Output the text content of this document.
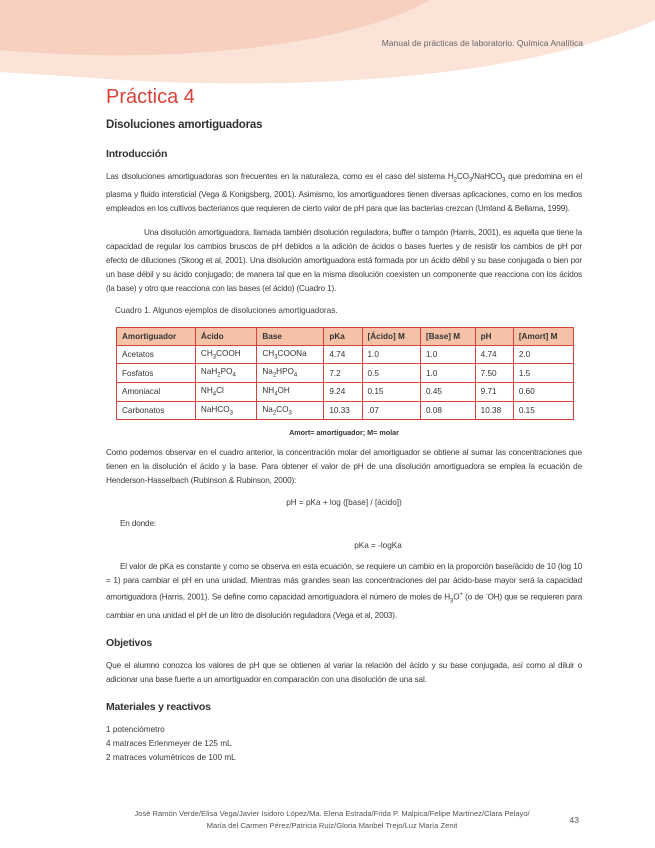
Manual de prácticas de laboratorio. Química Analítica
Práctica 4
Disoluciones amortiguadoras
Introducción

Las disoluciones amortiguadoras son frecuentes en la naturaleza, como es el caso del sistema $H_2CO_3/NaHCO_3$ que predomina en el plasma y fluido intersticial (Vega & Konigsberg, 2001). Asimismo, los amortiguadores tienen diversas aplicaciones, como en los medios empleados en los cultivos bacterianos que requieren de cierto valor de pH para que las bacterias crezcan (Umland & Bellama, 1999).

Una disolución amortiguadora, llamada también disolución reguladora, buffer o tampón (Harris, 2001), es aquella que tiene la capacidad de regular los cambios bruscos de pH debidos a la adición de ácidos o bases fuertes y de resistir los cambios de pH por efecto de diluciones (Skoog et al, 2001). Una disolución amortiguadora está formada por un ácido débil y su base conjugada o bien por un base débil y su ácido conjugado; de manera tal que en la misma disolución coexisten un componente que reacciona con los ácidos (la base) y otro que reacciona con las bases (el ácido) (Cuadro 1).

Cuadro 1. Algunos ejemplos de disoluciones amortiguadoras.
Amortiguador	Ácido	Base	pKa	[Ácido] M	[Base] M	pH	[Amort] M
Acetatos	$CH_3COOH$	$CH_3COONa$	4.74	1.0	1.0	4.74	2.0
Fosfatos	$NaH_2PO_4$	$Na_2HPO_4$	7.2	0.5	1.0	7.50	1.5
Amoniacal	$NH_4Cl$	$NH_4OH$	9.24	0.15	0.45	9.71	0.60
Carbonatos	NaHCO$_3$	$Na_2CO_3$	10.33	.07	0.08	10.38	0.15
Amort= amortiguador; M= molar

Como podemos observar en el cuadro anterior, la concentración molar del amortiguador se obtiene al sumar las concentraciones que tienen en la disolución el ácido y la base. Para obtener el valor de pH de una disolución amortiguadora se emplea la ecuación de Henderson-Hasselbach (Rubinson & Rubinson, 2000):

pH = pKa + log ([base] / [ácido])

En donde:

pKa = -logKa

El valor de pKa es constante y como se observa en esta ecuación, se requiere un cambio en la proporción base/ácido de 10 (log 10 = 1) para cambiar el pH en una unidad. Mientras más grandes sean las concentraciones del par ácido-base mayor será la capacidad amortiguadora (Harris, 2001). Se define como capacidad amortiguadora el número de moles de $H_3O^+$ (o de -OH) que se requieren para cambiar en una unidad el pH de un litro de disolución reguladora (Vega et al, 2003).

Objetivos

Que el alumno conozca los valores de pH que se obtienen al variar la relación del ácido y su base conjugada, así como al diluir o adicionar una base fuerte a un amortiguador en comparación con una disolución de una sal.

Materiales y reactivos
1 potenciómetro
4 matraces Erlenmeyer de 125 mL
2 matraces volumétricos de 100 mL
José Ramón Verde/Elisa Vega/Javier Isidoro López/Ma. Elena Estrada/Frida P. Malpica/Felipe Martínez/Clara Pelayo/
María del Carmen Pérez/Patricia Ruiz/Gloria Maribel Trejo/Luz María Zenit
43
